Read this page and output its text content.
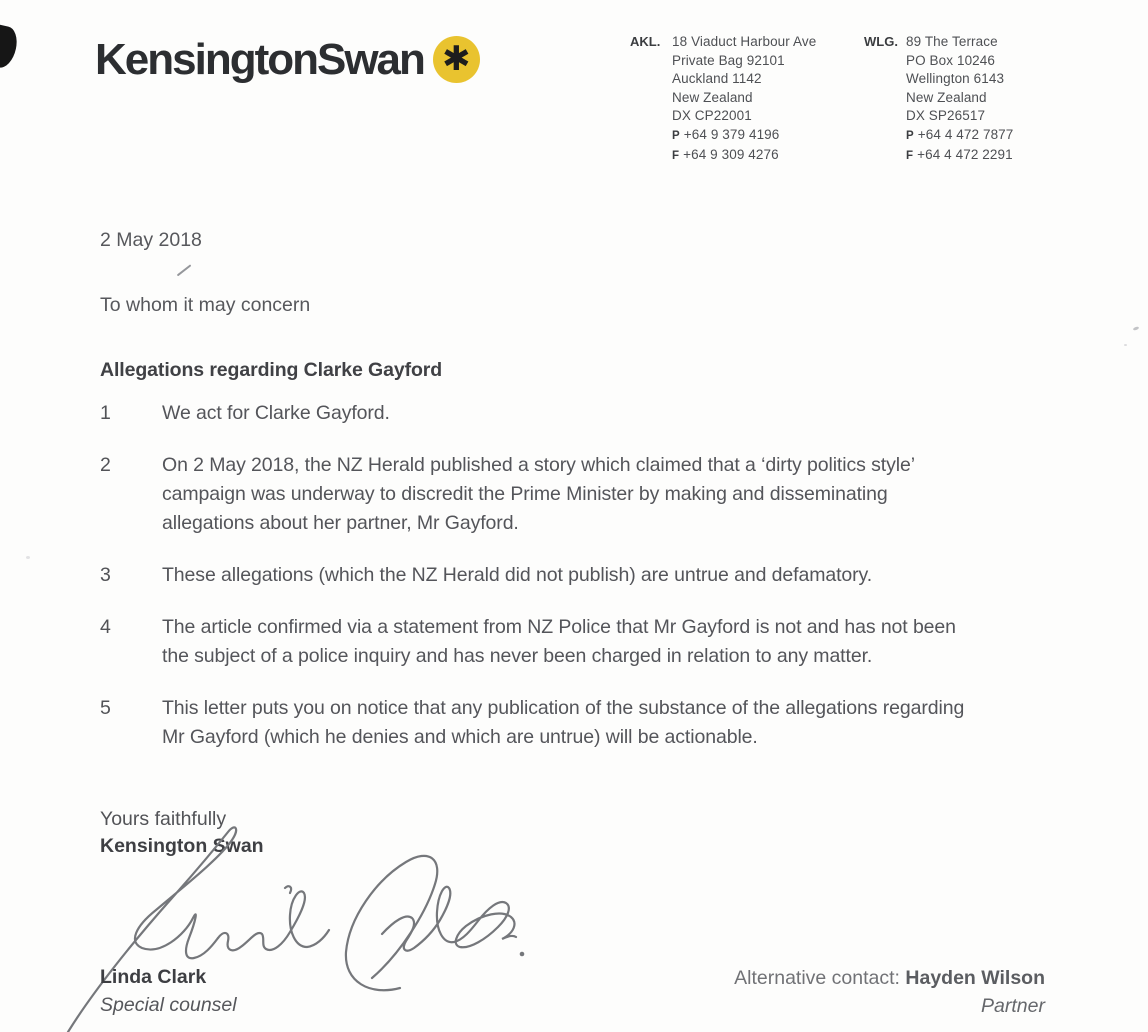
KensingtonSwan ✱	AKL. 18 Viaduct Harbour Ave
Private Bag 92101
Auckland 1142
New Zealand
DX CP22001
P +64 9 379 4196
F +64 9 309 4276
WLG. 89 The Terrace
PO Box 10246
Wellington 6143
New Zealand
DX SP26517
P +64 4 472 7877
F +64 4 472 2291
2 May 2018
To whom it may concern
Allegations regarding Clarke Gayford
1	We act for Clarke Gayford.
2	On 2 May 2018, the NZ Herald published a story which claimed that a ‘dirty politics style’
campaign was underway to discredit the Prime Minister by making and disseminating
allegations about her partner, Mr Gayford.
3	These allegations (which the NZ Herald did not publish) are untrue and defamatory.
4	The article confirmed via a statement from NZ Police that Mr Gayford is not and has not been
the subject of a police inquiry and has never been charged in relation to any matter.
5	This letter puts you on notice that any publication of the substance of the allegations regarding
Mr Gayford (which he denies and which are untrue) will be actionable.
Yours faithfully
Kensington Swan
Linda Clark
Special counsel
Alternative contact: Hayden Wilson
Partner
